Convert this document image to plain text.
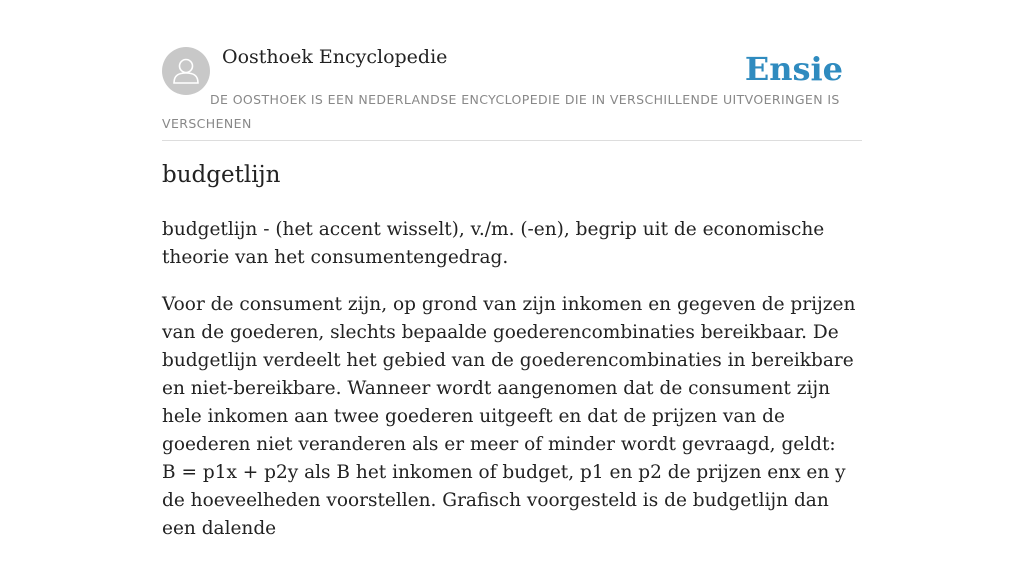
Oosthoek Encyclopedie	Ensie

DE OOSTHOEK IS EEN NEDERLANDSE ENCYCLOPEDIE DIE IN VERSCHILLENDE UITVOERINGEN IS VERSCHENEN

budgetlijn

budgetlijn - (het accent wisselt), v./m. (-en), begrip uit de economische theorie van het consumentengedrag.

Voor de consument zijn, op grond van zijn inkomen en gegeven de prijzen van de goederen, slechts bepaalde goederencombinaties bereikbaar. De budgetlijn verdeelt het gebied van de goederencombinaties in bereikbare en niet-bereikbare. Wanneer wordt aangenomen dat de consument zijn hele inkomen aan twee goederen uitgeeft en dat de prijzen van de goederen niet veranderen als er meer of minder wordt gevraagd, geldt:
B = p1x + p2y als B het inkomen of budget, p1 en p2 de prijzen enx en y de hoeveelheden voorstellen. Grafisch voorgesteld is de budgetlijn dan een dalende
